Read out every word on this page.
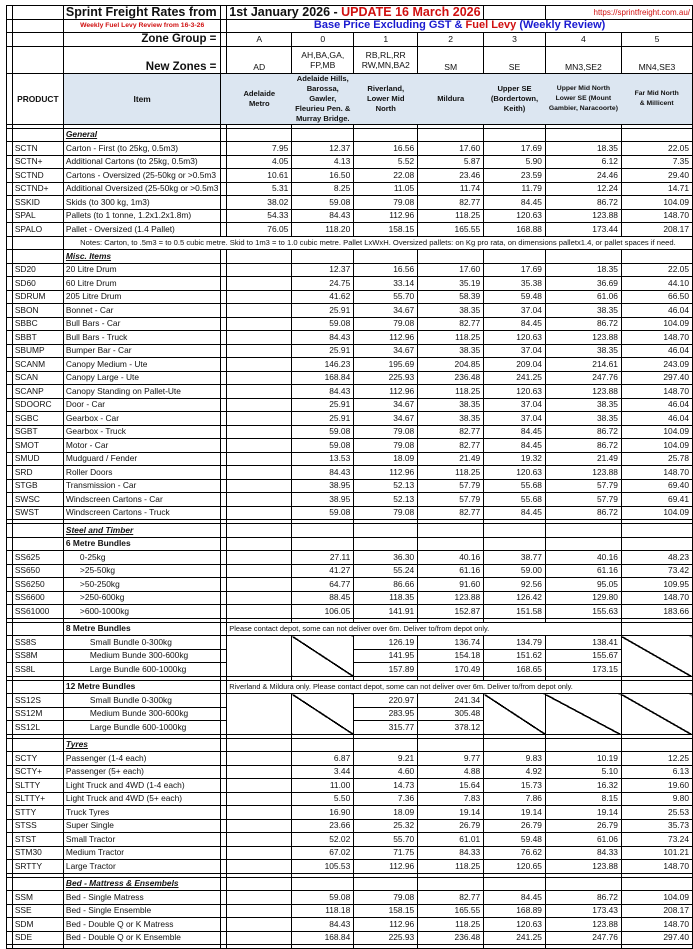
		Sprint Freight Rates from		1st January 2026 - UPDATE 16 March 2026					https://sprintfreight.com.au/	
		Weekly Fuel Levy Review from 16-3-26		Base Price Excluding GST & Fuel Levy (Weekly Review)						
		Zone Group =		A	0	1	2	3	4	5
		New Zones =		AD	AH,BA,GA, FP,MB	RB,RL,RR RW,MN,BA2	SM	SE	MN3,SE2	MN4,SE3
	PRODUCT	Item		Adelaide Metro	Adelaide Hills, Barossa, Gawler, Fleurieu Pen. & Murray Bridge.	Riverland, Lower Mid North	Mildura	Upper SE (Bordertown, Keith)	Upper Mid North Lower SE (Mount Gambier, Naracoorte)	Far Mid North & Millicent

		General								
	SCTN	Carton - First (to 25kg, 0.5m3)		7.95	12.37	16.56	17.60	17.69	18.35	22.05
	SCTN+	Additional Cartons (to 25kg, 0.5m3)		4.05	4.13	5.52	5.87	5.90	6.12	7.35
	SCTND	Cartons - Oversized (25-50kg or >0.5m3		10.61	16.50	22.08	23.46	23.59	24.46	29.40
	SCTND+	Additional Oversized (25-50kg or >0.5m3		5.31	8.25	11.05	11.74	11.79	12.24	14.71
	SSKID	Skids (to 300 kg, 1m3)		38.02	59.08	79.08	82.77	84.45	86.72	104.09
	SPAL	Pallets (to 1 tonne, 1.2x1.2x1.8m)		54.33	84.43	112.96	118.25	120.63	123.88	148.70
	SPALO	Pallet - Oversized (1.4 Pallet)		76.05	118.20	158.15	165.55	168.88	173.44	208.17
		Notes: Carton, to .5m3 = to 0.5 cubic metre. Skid to 1m3 = to 1.0 cubic metre. Pallet LxWxH. Oversized pallets: on Kg pro rata, on dimensions palletx1.4, or pallet spaces if need.								
		Misc. Items								
	SD20	20 Litre Drum			12.37	16.56	17.60	17.69	18.35	22.05
	SD60	60 Litre Drum			24.75	33.14	35.19	35.38	36.69	44.10
	SDRUM	205 Litre Drum			41.62	55.70	58.39	59.48	61.06	66.50
	SBON	Bonnet - Car			25.91	34.67	38.35	37.04	38.35	46.04
	SBBC	Bull Bars - Car			59.08	79.08	82.77	84.45	86.72	104.09
	SBBT	Bull Bars - Truck			84.43	112.96	118.25	120.63	123.88	148.70
	SBUMP	Bumper Bar - Car			25.91	34.67	38.35	37.04	38.35	46.04
	SCANM	Canopy Medium - Ute			146.23	195.69	204.85	209.04	214.61	243.09
	SCAN	Canopy Large - Ute			168.84	225.93	236.48	241.25	247.76	297.40
	SCANP	Canopy Standing on Pallet-Ute			84.43	112.96	118.25	120.63	123.88	148.70
	SDOORC	Door - Car			25.91	34.67	38.35	37.04	38.35	46.04
	SGBC	Gearbox - Car			25.91	34.67	38.35	37.04	38.35	46.04
	SGBT	Gearbox - Truck			59.08	79.08	82.77	84.45	86.72	104.09
	SMOT	Motor - Car			59.08	79.08	82.77	84.45	86.72	104.09
	SMUD	Mudguard / Fender			13.53	18.09	21.49	19.32	21.49	25.78
	SRD	Roller Doors			84.43	112.96	118.25	120.63	123.88	148.70
	STGB	Transmission - Car			38.95	52.13	57.79	55.68	57.79	69.40
	SWSC	Windscreen Cartons - Car			38.95	52.13	57.79	55.68	57.79	69.41
	SWST	Windscreen Cartons - Truck			59.08	79.08	82.77	84.45	86.72	104.09

		Steel and Timber								
		6 Metre Bundles								
	SS625	0-25kg			27.11	36.30	40.16	38.77	40.16	48.23
	SS650	>25-50kg			41.27	55.24	61.16	59.00	61.16	73.42
	SS6250	>50-250kg			64.77	86.66	91.60	92.56	95.05	109.95
	SS6600	>250-600kg			88.45	118.35	123.88	126.42	129.80	148.70
	SS61000	>600-1000kg			106.05	141.91	152.87	151.58	155.63	183.66

		8 Metre Bundles		Please contact depot, some can not deliver over 6m. Deliver to/from depot only.						
	SS8S	Small Bundle 0-300kg				126.19	136.74	134.79	138.41	
	SS8M	Medium Bunde 300-600kg				141.95	154.18	151.62	155.67	
	SS8L	Large Bundle 600-1000kg				157.89	170.49	168.65	173.15	

		12 Metre Bundles		Riverland & Mildura only. Please contact depot, some can not deliver over 6m. Deliver to/from depot only.						
	SS12S	Small Bundle 0-300kg				220.97	241.34			
	SS12M	Medium Bunde 300-600kg				283.95	305.48			
	SS12L	Large Bundle 600-1000kg				315.77	378.12			

		Tyres								
	SCTY	Passenger (1-4 each)			6.87	9.21	9.77	9.83	10.19	12.25
	SCTY+	Passenger (5+ each)			3.44	4.60	4.88	4.92	5.10	6.13
	SLTTY	Light Truck and 4WD (1-4 each)			11.00	14.73	15.64	15.73	16.32	19.60
	SLTTY+	Light Truck and 4WD (5+ each)			5.50	7.36	7.83	7.86	8.15	9.80
	STTY	Truck Tyres			16.90	18.09	19.14	19.14	19.14	25.53
	STSS	Super Single			23.66	25.32	26.79	26.79	26.79	35.73
	STST	Small Tractor			52.02	55.70	61.01	59.48	61.06	73.24
	STM30	Medium Tractor			67.02	71.75	84.33	76.62	84.33	101.21
	SRTTY	Large Tractor			105.53	112.96	118.25	120.65	123.88	148.70

		Bed - Mattress & Ensembels								
	SSM	Bed - Single Matress			59.08	79.08	82.77	84.45	86.72	104.09
	SSE	Bed - Single Ensemble			118.18	158.15	165.55	168.89	173.43	208.17
	SDM	Bed - Double Q or K Matress			84.43	112.96	118.25	120.63	123.88	148.70
	SDE	Bed - Double Q or K Ensemble			168.84	225.93	236.48	241.25	247.76	297.40
